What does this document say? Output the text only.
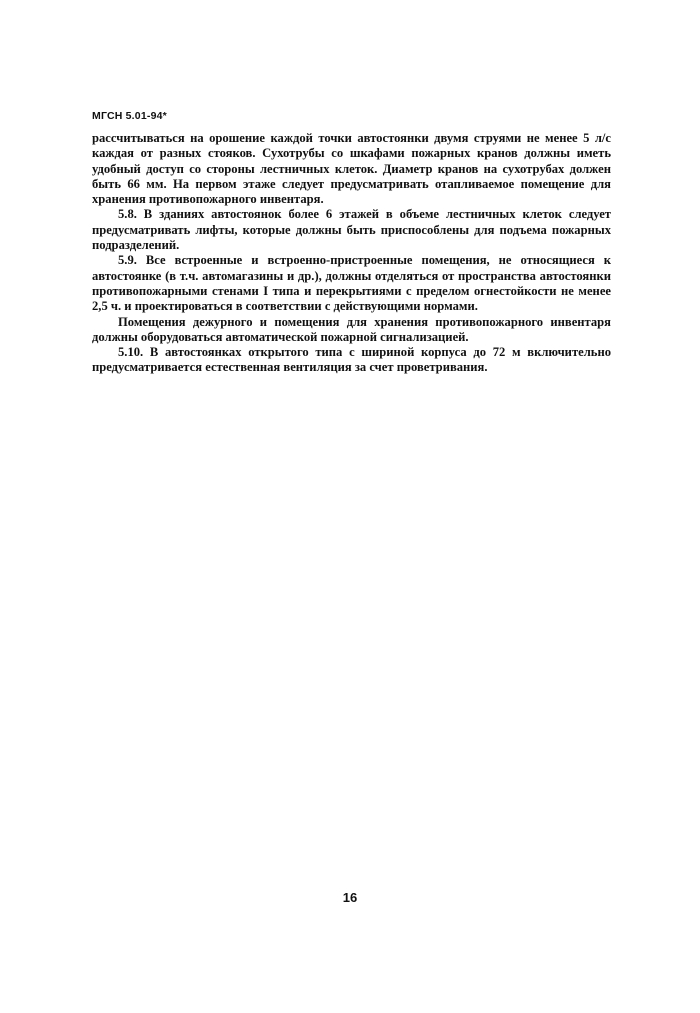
МГСН 5.01-94*

рассчитываться на орошение каждой точки автостоянки двумя струями не менее 5 л/с каждая от разных стояков. Сухотрубы со шкафами пожарных кранов должны иметь удобный доступ со стороны лестничных клеток. Диаметр кранов на сухотрубах должен быть 66 мм. На первом этаже следует предусматривать отапливаемое помещение для хранения противопожарного инвентаря.

5.8. В зданиях автостоянок более 6 этажей в объеме лестничных клеток следует предусматривать лифты, которые должны быть приспособлены для подъема пожарных подразделений.

5.9. Все встроенные и встроенно-пристроенные помещения, не относящиеся к автостоянке (в т.ч. автомагазины и др.), должны отделяться от пространства автостоянки противопожарными стенами I типа и перекрытиями с пределом огнестойкости не менее 2,5 ч. и проектироваться в соответствии с действующими нормами.

Помещения дежурного и помещения для хранения противопожарного инвентаря должны оборудоваться автоматической пожарной сигнализацией.

5.10. В автостоянках открытого типа с шириной корпуса до 72 м включительно предусматривается естественная вентиляция за счет проветривания.

16
